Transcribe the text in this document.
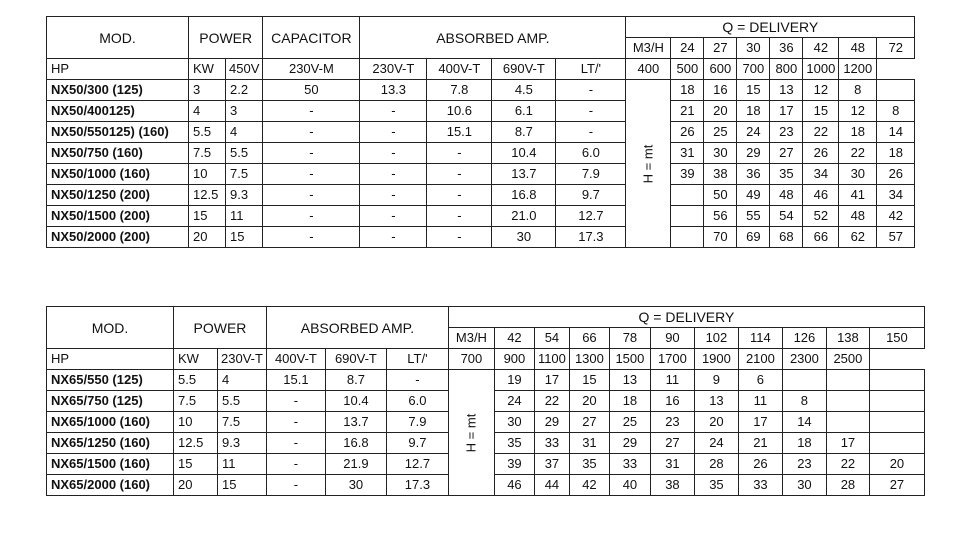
MOD.	POWER		CAPACITOR	ABSORBED AMP.				Q = DELIVERY							
								M3/H	24	27	30	36	42	48	72
HP	KW	450V	230V-M	230V-T	400V-T	690V-T	LT/'	400	500	600	700	800	1000	1200	
NX50/300 (125)	3	2.2	50	13.3	7.8	4.5	-	H = mt	18	16	15	13	12	8	
NX50/400125)	4	3	-	-	10.6	6.1	-		21	20	18	17	15	12	8
NX50/550125) (160)	5.5	4	-	-	15.1	8.7	-		26	25	24	23	22	18	14
NX50/750 (160)	7.5	5.5	-	-	-	10.4	6.0		31	30	29	27	26	22	18
NX50/1000 (160)	10	7.5	-	-	-	13.7	7.9		39	38	36	35	34	30	26
NX50/1250 (200)	12.5	9.3	-	-	-	16.8	9.7			50	49	48	46	41	34
NX50/1500 (200)	15	11	-	-	-	21.0	12.7			56	55	54	52	48	42
NX50/2000 (200)	20	15	-	-	-	30	17.3			70	69	68	66	62	57
MOD.	POWER		ABSORBED AMP.			Q = DELIVERY										
						M3/H	42	54	66	78	90	102	114	126	138	150
HP	KW	230V-T	400V-T	690V-T	LT/'	700	900	1100	1300	1500	1700	1900	2100	2300	2500	
NX65/550 (125)	5.5	4	15.1	8.7	-	H = mt	19	17	15	13	11	9	6			
NX65/750 (125)	7.5	5.5	-	10.4	6.0		24	22	20	18	16	13	11	8		
NX65/1000 (160)	10	7.5	-	13.7	7.9		30	29	27	25	23	20	17	14		
NX65/1250 (160)	12.5	9.3	-	16.8	9.7		35	33	31	29	27	24	21	18	17	
NX65/1500 (160)	15	11	-	21.9	12.7		39	37	35	33	31	28	26	23	22	20
NX65/2000 (160)	20	15	-	30	17.3		46	44	42	40	38	35	33	30	28	27
